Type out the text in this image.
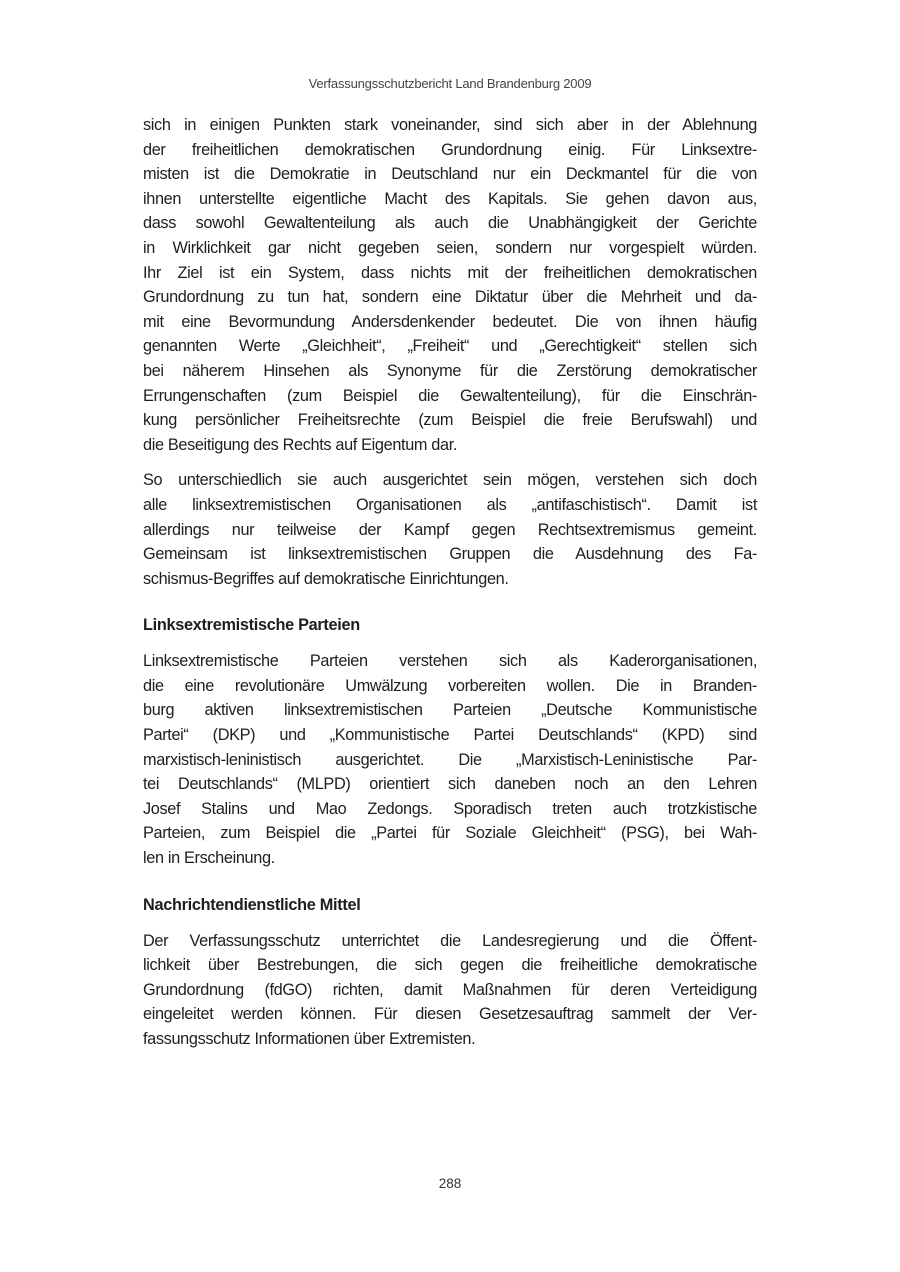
Verfassungsschutzbericht Land Brandenburg 2009
sich in einigen Punkten stark voneinander, sind sich aber in der Ablehnung
der freiheitlichen demokratischen Grundordnung einig. Für Linksextre-
misten ist die Demokratie in Deutschland nur ein Deckmantel für die von
ihnen unterstellte eigentliche Macht des Kapitals. Sie gehen davon aus,
dass sowohl Gewaltenteilung als auch die Unabhängigkeit der Gerichte
in Wirklichkeit gar nicht gegeben seien, sondern nur vorgespielt würden.
Ihr Ziel ist ein System, dass nichts mit der freiheitlichen demokratischen
Grundordnung zu tun hat, sondern eine Diktatur über die Mehrheit und da-
mit eine Bevormundung Andersdenkender bedeutet. Die von ihnen häufig
genannten Werte „Gleichheit“, „Freiheit“ und „Gerechtigkeit“ stellen sich
bei näherem Hinsehen als Synonyme für die Zerstörung demokratischer
Errungenschaften (zum Beispiel die Gewaltenteilung), für die Einschrän-
kung persönlicher Freiheitsrechte (zum Beispiel die freie Berufswahl) und
die Beseitigung des Rechts auf Eigentum dar.
So unterschiedlich sie auch ausgerichtet sein mögen, verstehen sich doch
alle linksextremistischen Organisationen als „antifaschistisch“. Damit ist
allerdings nur teilweise der Kampf gegen Rechtsextremismus gemeint.
Gemeinsam ist linksextremistischen Gruppen die Ausdehnung des Fa-
schismus-Begriffes auf demokratische Einrichtungen.
Linksextremistische Parteien
Linksextremistische Parteien verstehen sich als Kaderorganisationen,
die eine revolutionäre Umwälzung vorbereiten wollen. Die in Branden-
burg aktiven linksextremistischen Parteien „Deutsche Kommunistische
Partei“ (DKP) und „Kommunistische Partei Deutschlands“ (KPD) sind
marxistisch-leninistisch ausgerichtet. Die „Marxistisch-Leninistische Par-
tei Deutschlands“ (MLPD) orientiert sich daneben noch an den Lehren
Josef Stalins und Mao Zedongs. Sporadisch treten auch trotzkistische
Parteien, zum Beispiel die „Partei für Soziale Gleichheit“ (PSG), bei Wah-
len in Erscheinung.
Nachrichtendienstliche Mittel
Der Verfassungsschutz unterrichtet die Landesregierung und die Öffent-
lichkeit über Bestrebungen, die sich gegen die freiheitliche demokratische
Grundordnung (fdGO) richten, damit Maßnahmen für deren Verteidigung
eingeleitet werden können. Für diesen Gesetzesauftrag sammelt der Ver-
fassungsschutz Informationen über Extremisten.
288
